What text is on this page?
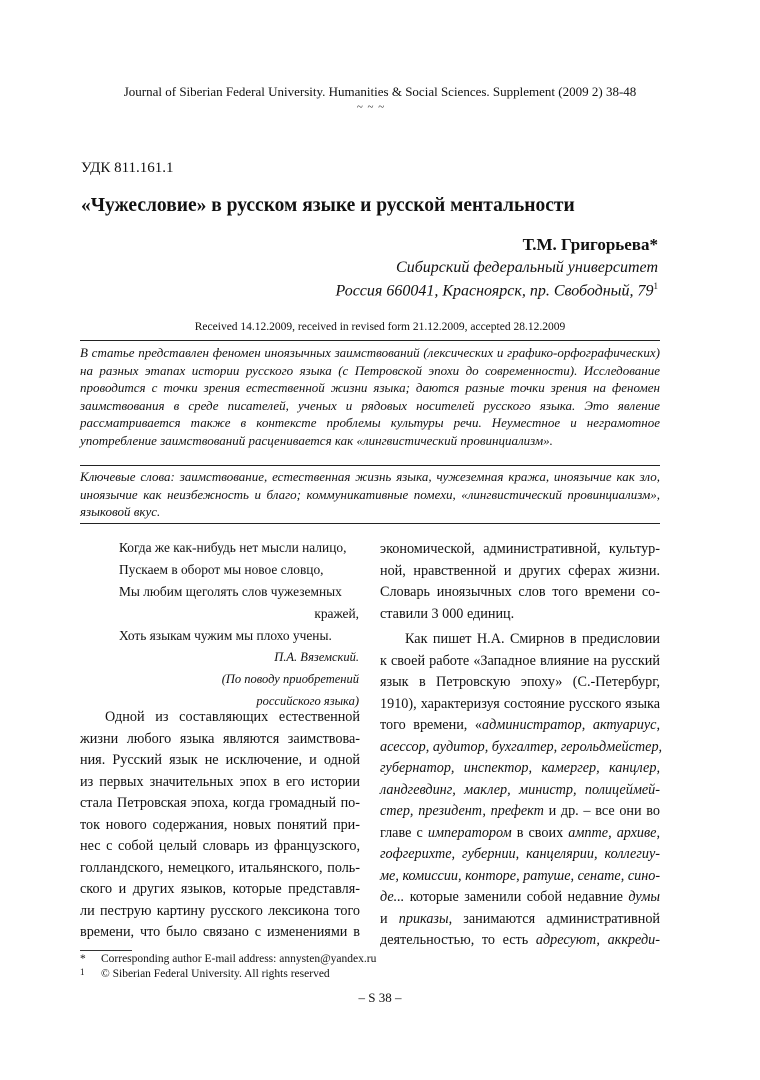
Journal of Siberian Federal University. Humanities & Social Sciences. Supplement (2009 2) 38-48
~ ~ ~
УДК 811.161.1
«Чужесловие» в русском языке и русской ментальности
Т.М. Григорьева*
Сибирский федеральный университет
Россия 660041, Красноярск, пр. Свободный, $79^1$
Received 14.12.2009, received in revised form 21.12.2009, accepted 28.12.2009

В статье представлен феномен иноязычных заимствований (лексических и графико-орфографических) на разных этапах истории русского языка (с Петровской эпохи до современности). Исследование проводится с точки зрения естественной жизни языка; даются разные точки зрения на феномен заимствования в среде писателей, ученых и рядовых носителей русского языка. Это явление рассматривается также в контексте проблемы культуры речи. Неуместное и неграмотное употребление заимствований расценивается как «лингвистический провинциализм».

Ключевые слова: заимствование, естественная жизнь языка, чужеземная кража, иноязычие как зло, иноязычие как неизбежность и благо; коммуникативные помехи, «лингвистический провинциализм», языковой вкус.

Когда же как-нибудь нет мысли налицо,
Пускаем в оборот мы новое словцо,
Мы любим щеголять слов чужеземных
кражей,
Хоть языкам чужим мы плохо учены.
П.А. Вяземский.
(По поводу приобретений
российского языка)
Одной из составляющих естественной
жизни любого языка являются заимствова-
ния. Русский язык не исключение, и одной
из первых значительных эпох в его истории
стала Петровская эпоха, когда громадный по-
ток нового содержания, новых понятий при-
нес с собой целый словарь из французского,
голландского, немецкого, итальянского, поль-
ского и других языков, которые представля-
ли пеструю картину русского лексикона того
времени, что было связано с изменениями в
экономической, административной, культур-
ной, нравственной и других сферах жизни.
Словарь иноязычных слов того времени со-
ставили 3 000 единиц.
Как пишет Н.А. Смирнов в предисловии
к своей работе «Западное влияние на русский
язык в Петровскую эпоху» (С.-Петербург,
1910), характеризуя состояние русского языка
того времени, «администратор, актуариус,
асессор, аудитор, бухгалтер, герольдмейстер,
губернатор, инспектор, камергер, канцлер,
ландгевдинг, маклер, министр, полицеймей-
стер, президент, префект и др. – все они во
главе с императором в своих ампте, архиве,
гофгерихте, губернии, канцелярии, коллегиу-
ме, комиссии, конторе, ратуше, сенате, сино-
де... которые заменили собой недавние думы
и приказы, занимаются административной
деятельностью, то есть адресуют, аккреди-
* Corresponding author E-mail address: annysten@yandex.ru
1 © Siberian Federal University. All rights reserved
– S 38 –
